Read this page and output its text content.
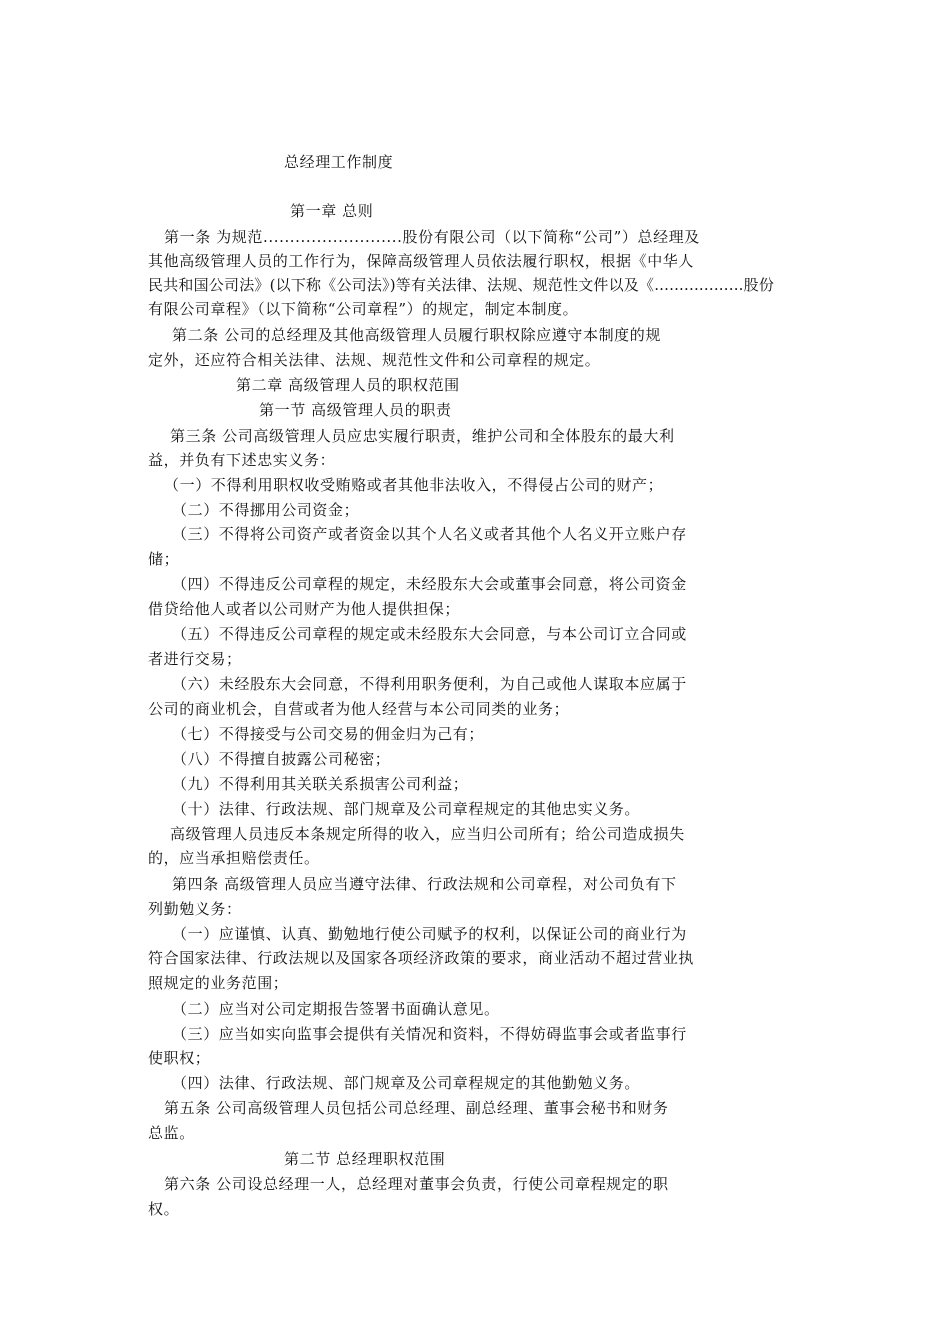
总经理工作制度
第一章 总则
第一条 为规范..........................股份有限公司（以下简称“公司”）总经理及
其他高级管理人员的工作行为，保障高级管理人员依法履行职权，根据《中华人
民共和国公司法》(以下称《公司法》)等有关法律、法规、规范性文件以及《..................股份
有限公司章程》（以下简称“公司章程”）的规定，制定本制度。
第二条 公司的总经理及其他高级管理人员履行职权除应遵守本制度的规
定外，还应符合相关法律、法规、规范性文件和公司章程的规定。
第二章 高级管理人员的职权范围
第一节 高级管理人员的职责
第三条 公司高级管理人员应忠实履行职责，维护公司和全体股东的最大利
益，并负有下述忠实义务：
（一）不得利用职权收受贿赂或者其他非法收入，不得侵占公司的财产；
（二）不得挪用公司资金；
（三）不得将公司资产或者资金以其个人名义或者其他个人名义开立账户存
储；
（四）不得违反公司章程的规定，未经股东大会或董事会同意，将公司资金
借贷给他人或者以公司财产为他人提供担保；
（五）不得违反公司章程的规定或未经股东大会同意，与本公司订立合同或
者进行交易；
（六）未经股东大会同意，不得利用职务便利，为自己或他人谋取本应属于
公司的商业机会，自营或者为他人经营与本公司同类的业务；
（七）不得接受与公司交易的佣金归为己有；
（八）不得擅自披露公司秘密；
（九）不得利用其关联关系损害公司利益；
（十）法律、行政法规、部门规章及公司章程规定的其他忠实义务。
高级管理人员违反本条规定所得的收入，应当归公司所有；给公司造成损失
的，应当承担赔偿责任。
第四条 高级管理人员应当遵守法律、行政法规和公司章程，对公司负有下
列勤勉义务：
（一）应谨慎、认真、勤勉地行使公司赋予的权利，以保证公司的商业行为
符合国家法律、行政法规以及国家各项经济政策的要求，商业活动不超过营业执
照规定的业务范围；
（二）应当对公司定期报告签署书面确认意见。
（三）应当如实向监事会提供有关情况和资料，不得妨碍监事会或者监事行
使职权；
（四）法律、行政法规、部门规章及公司章程规定的其他勤勉义务。
第五条 公司高级管理人员包括公司总经理、副总经理、董事会秘书和财务
总监。
第二节 总经理职权范围
第六条 公司设总经理一人，总经理对董事会负责，行使公司章程规定的职
权。
